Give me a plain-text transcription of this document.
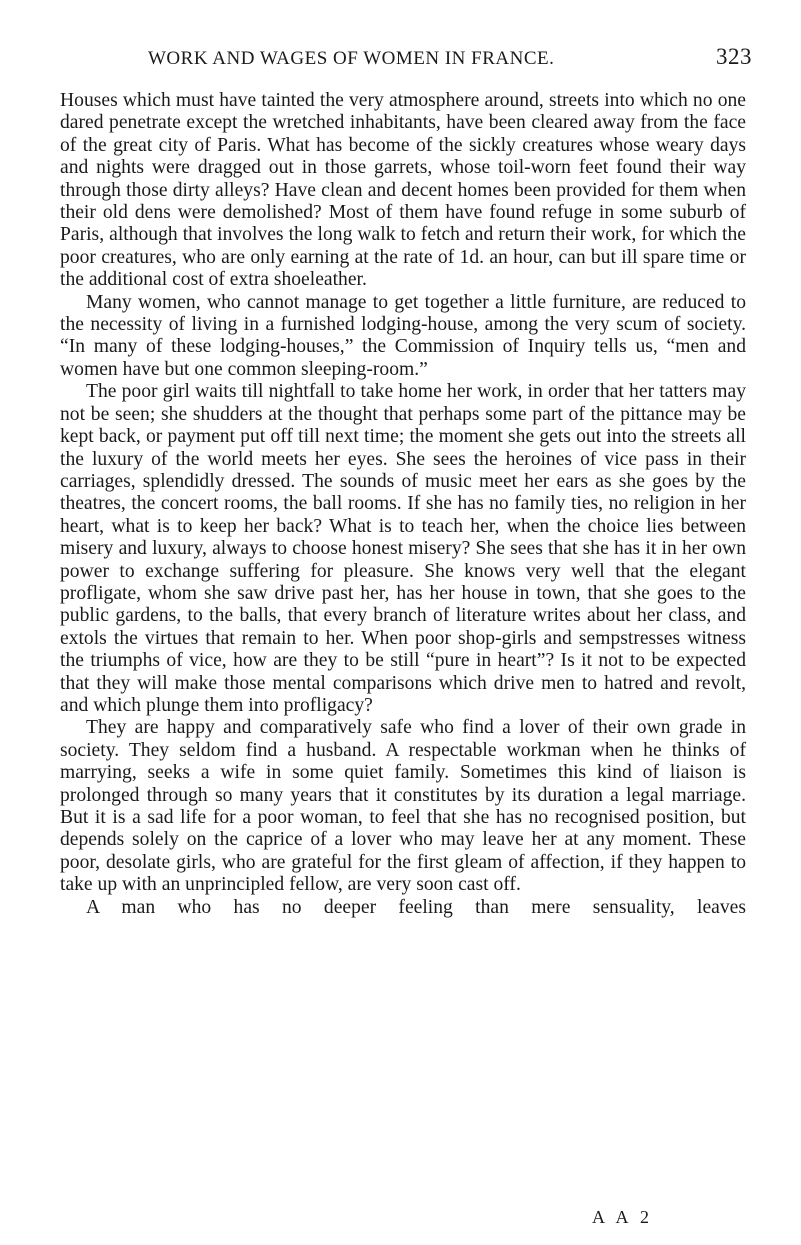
WORK AND WAGES OF WOMEN IN FRANCE.	323

Houses which must have tainted the very atmosphere around, streets into which no one dared penetrate except the wretched inhabitants, have been cleared away from the face of the great city of Paris. What has become of the sickly creatures whose weary days and nights were dragged out in those garrets, whose toil-worn feet found their way through those dirty alleys? Have clean and decent homes been provided for them when their old dens were demolished? Most of them have found refuge in some suburb of Paris, although that involves the long walk to fetch and return their work, for which the poor creatures, who are only earning at the rate of 1d. an hour, can but ill spare time or the additional cost of extra shoeleather.

Many women, who cannot manage to get together a little furniture, are reduced to the necessity of living in a furnished lodging-house, among the very scum of society. “In many of these lodging-houses,” the Commission of Inquiry tells us, “men and women have but one common sleeping-room.”

The poor girl waits till nightfall to take home her work, in order that her tatters may not be seen; she shudders at the thought that perhaps some part of the pittance may be kept back, or payment put off till next time; the moment she gets out into the streets all the luxury of the world meets her eyes. She sees the heroines of vice pass in their carriages, splendidly dressed. The sounds of music meet her ears as she goes by the theatres, the concert rooms, the ball rooms. If she has no family ties, no religion in her heart, what is to keep her back? What is to teach her, when the choice lies between misery and luxury, always to choose honest misery? She sees that she has it in her own power to exchange suffering for pleasure. She knows very well that the elegant profligate, whom she saw drive past her, has her house in town, that she goes to the public gardens, to the balls, that every branch of literature writes about her class, and extols the virtues that remain to her. When poor shop-girls and sempstresses witness the triumphs of vice, how are they to be still “pure in heart”? Is it not to be expected that they will make those mental comparisons which drive men to hatred and revolt, and which plunge them into profligacy?

They are happy and comparatively safe who find a lover of their own grade in society. They seldom find a husband. A respectable workman when he thinks of marrying, seeks a wife in some quiet family. Sometimes this kind of liaison is prolonged through so many years that it constitutes by its duration a legal marriage. But it is a sad life for a poor woman, to feel that she has no recognised position, but depends solely on the caprice of a lover who may leave her at any moment. These poor, desolate girls, who are grateful for the first gleam of affection, if they happen to take up with an unprincipled fellow, are very soon cast off.

A man who has no deeper feeling than mere sensuality, leaves

A A 2
